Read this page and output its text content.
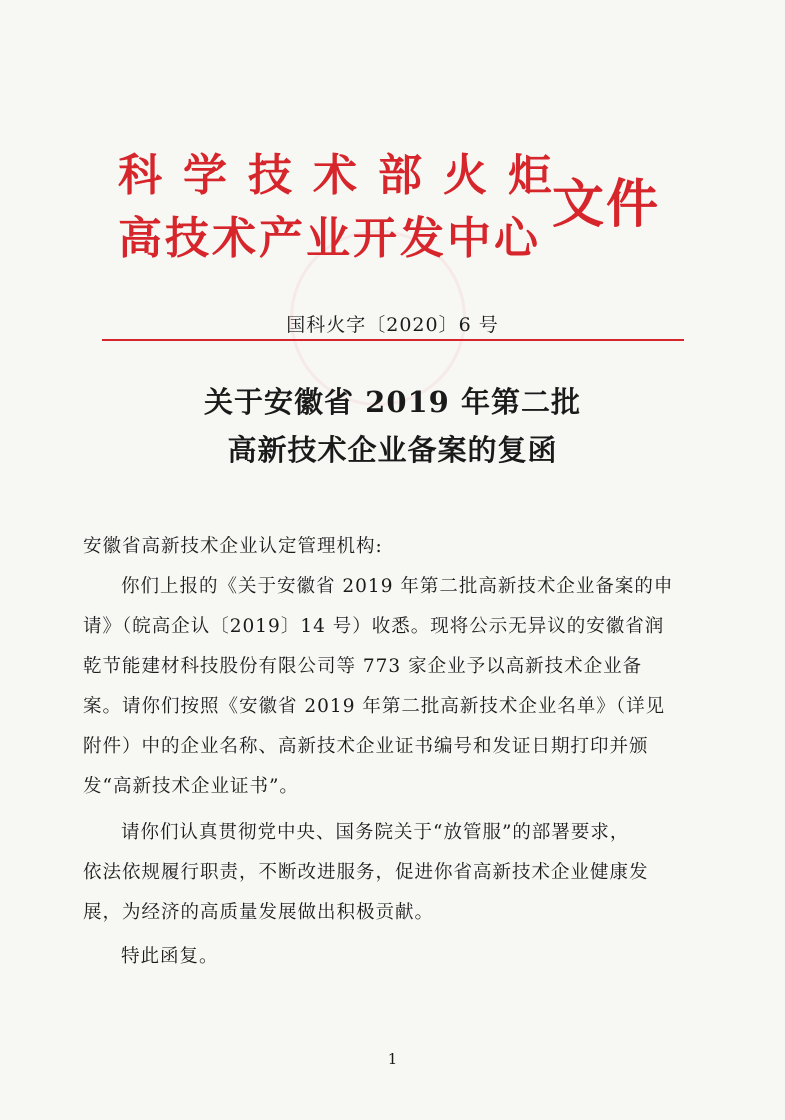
科学技术部火炬
高技术产业开发中心
文件
国科火字〔2020〕6 号
关于安徽省 2019 年第二批
高新技术企业备案的复函
安徽省高新技术企业认定管理机构:
你们上报的《关于安徽省 2019 年第二批高新技术企业备案的申
请》（皖高企认〔2019〕14 号）收悉。现将公示无异议的安徽省润
乾节能建材科技股份有限公司等 773 家企业予以高新技术企业备
案。请你们按照《安徽省 2019 年第二批高新技术企业名单》（详见
附件）中的企业名称、高新技术企业证书编号和发证日期打印并颁
发“高新技术企业证书”。
请你们认真贯彻党中央、国务院关于“放管服”的部署要求，
依法依规履行职责，不断改进服务，促进你省高新技术企业健康发
展，为经济的高质量发展做出积极贡献。
特此函复。
1
